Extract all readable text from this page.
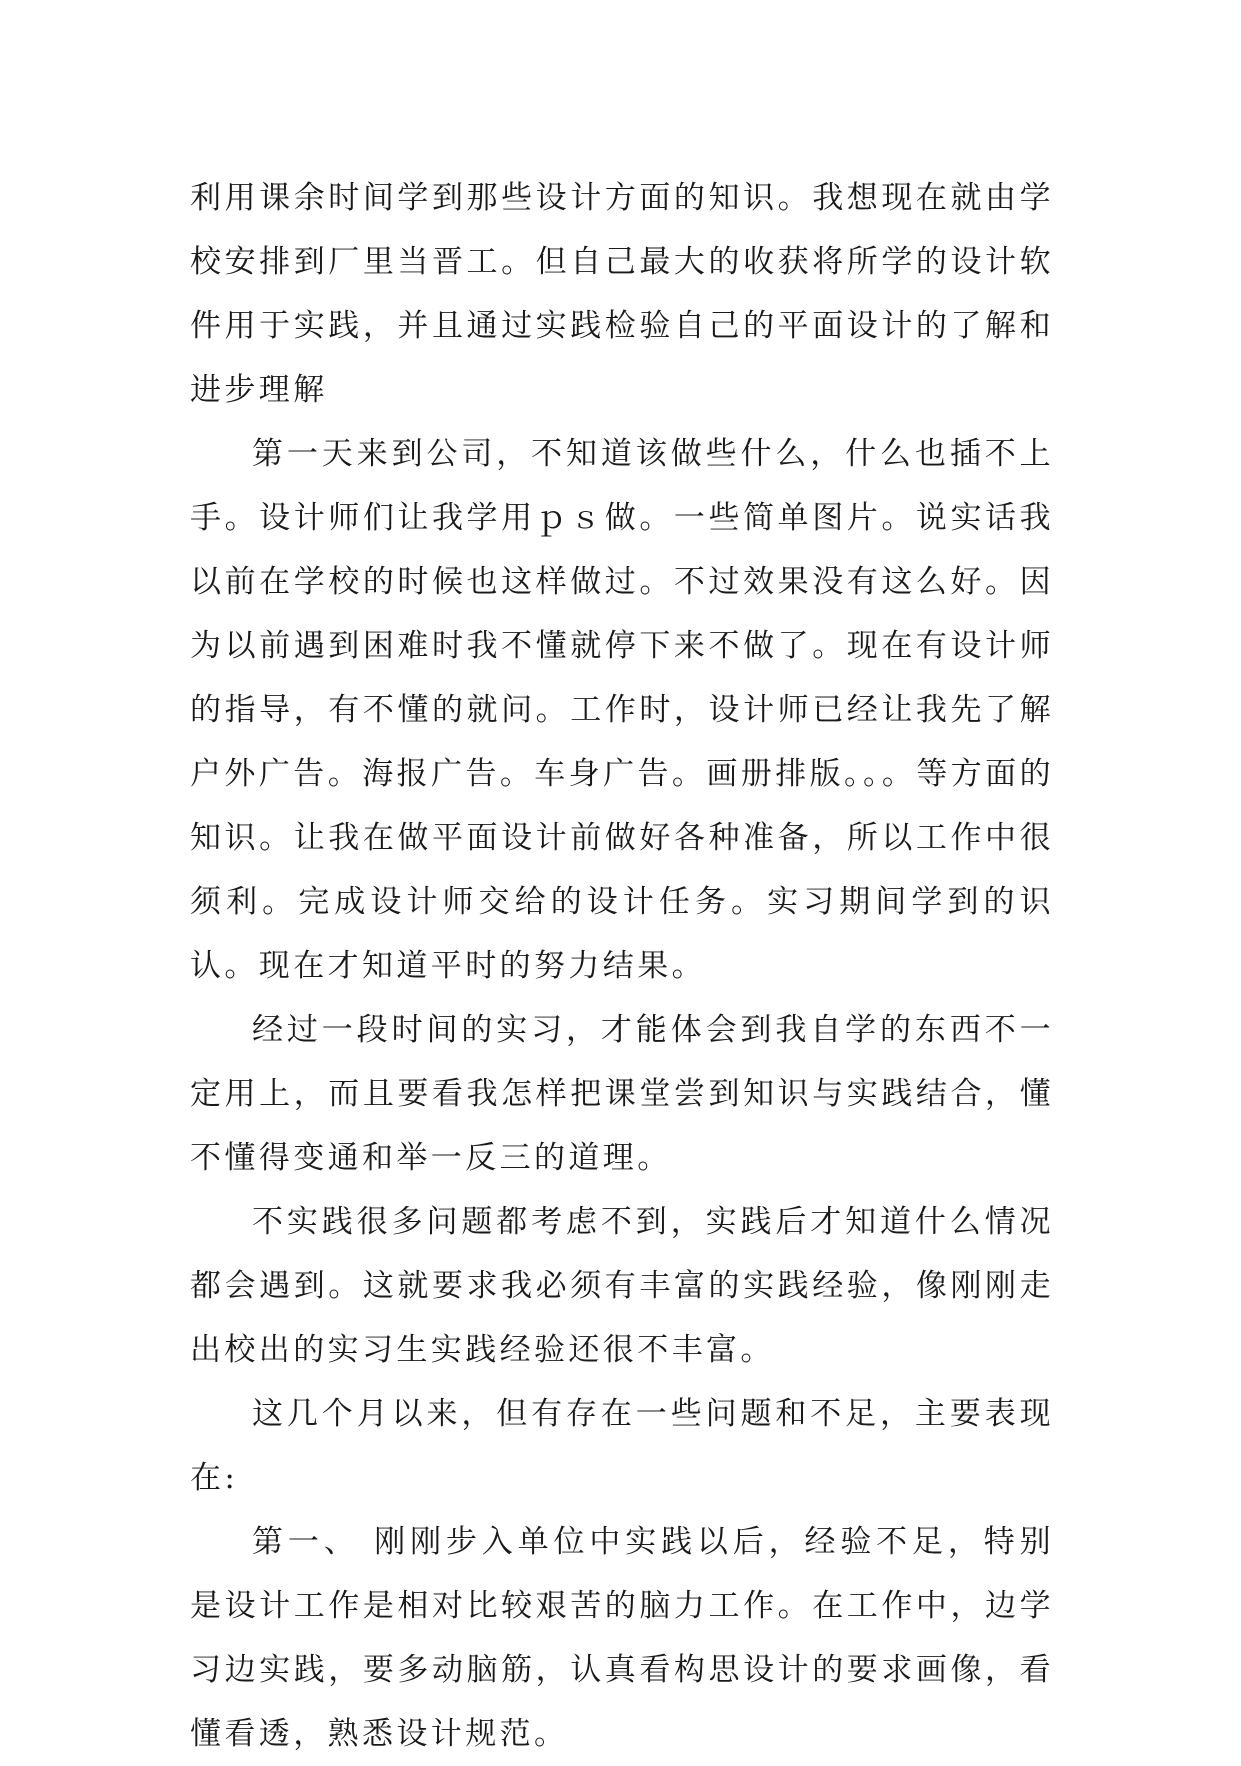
利用课余时间学到那些设计方面的知识。我想现在就由学校安排到厂里当晋工。但自己最大的收获将所学的设计软件用于实践，并且通过实践检验自己的平面设计的了解和进步理解

第一天来到公司，不知道该做些什么，什么也插不上手。设计师们让我学用ｐｓ做。一些简单图片。说实话我以前在学校的时候也这样做过。不过效果没有这么好。因为以前遇到困难时我不懂就停下来不做了。现在有设计师的指导，有不懂的就问。工作时，设计师已经让我先了解户外广告。海报广告。车身广告。画册排版。。。等方面的知识。让我在做平面设计前做好各种准备，所以工作中很须利。完成设计师交给的设计任务。实习期间学到的识认。现在才知道平时的努力结果。

经过一段时间的实习，才能体会到我自学的东西不一定用上，而且要看我怎样把课堂尝到知识与实践结合，懂不懂得变通和举一反三的道理。

不实践很多问题都考虑不到，实践后才知道什么情况都会遇到。这就要求我必须有丰富的实践经验，像刚刚走出校出的实习生实践经验还很不丰富。

这几个月以来，但有存在一些问题和不足，主要表现在:

第一、 刚刚步入单位中实践以后，经验不足，特别是设计工作是相对比较艰苦的脑力工作。在工作中，边学习边实践，要多动脑筋，认真看构思设计的要求画像，看懂看透，熟悉设计规范。
